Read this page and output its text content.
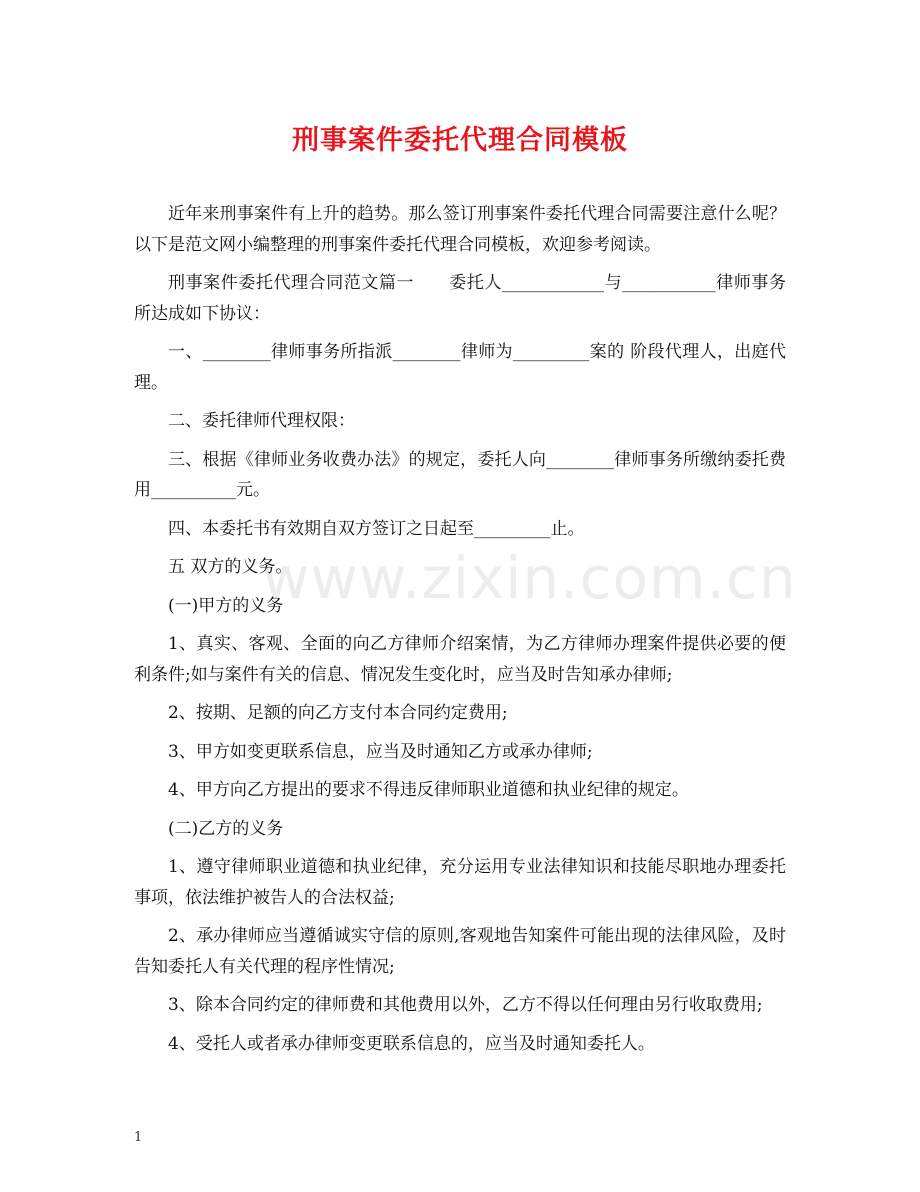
刑事案件委托代理合同模板

近年来刑事案件有上升的趋势。那么签订刑事案件委托代理合同需要注意什么呢？以下是范文网小编整理的刑事案件委托代理合同模板，欢迎参考阅读。

刑事案件委托代理合同范文篇一　　委托人____________与___________律师事务所达成如下协议：

一、________律师事务所指派________律师为_________案的 阶段代理人，出庭代理。

二、委托律师代理权限：

三、根据《律师业务收费办法》的规定，委托人向________律师事务所缴纳委托费用__________元。

四、本委托书有效期自双方签订之日起至_________止。

五 双方的义务。

(一)甲方的义务

1、真实、客观、全面的向乙方律师介绍案情，为乙方律师办理案件提供必要的便利条件;如与案件有关的信息、情况发生变化时，应当及时告知承办律师;

2、按期、足额的向乙方支付本合同约定费用;

3、甲方如变更联系信息，应当及时通知乙方或承办律师;

4、甲方向乙方提出的要求不得违反律师职业道德和执业纪律的规定。

(二)乙方的义务

1、遵守律师职业道德和执业纪律，充分运用专业法律知识和技能尽职地办理委托事项，依法维护被告人的合法权益;

2、承办律师应当遵循诚实守信的原则,客观地告知案件可能出现的法律风险，及时告知委托人有关代理的程序性情况;

3、除本合同约定的律师费和其他费用以外，乙方不得以任何理由另行收取费用;

4、受托人或者承办律师变更联系信息的，应当及时通知委托人。

www.zixin.com.cn
1
